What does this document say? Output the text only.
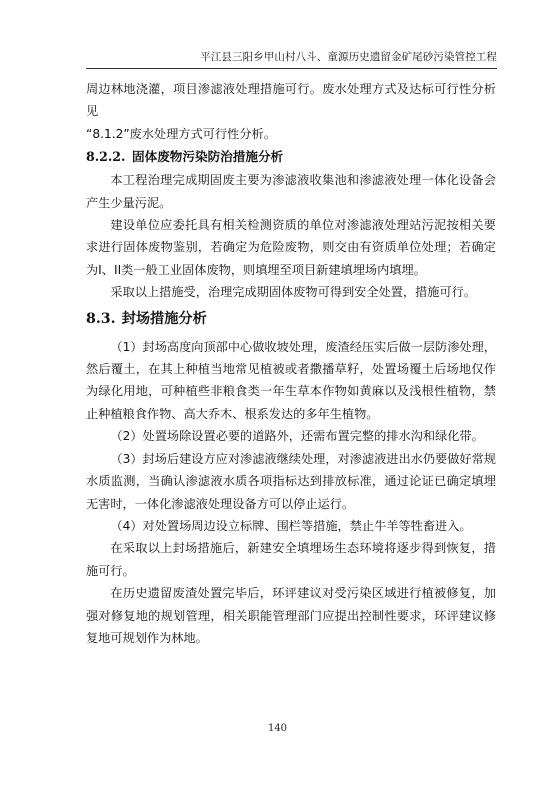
平江县三阳乡甲山村八斗、童源历史遗留金矿尾砂污染管控工程

周边林地浇灌，项目渗滤液处理措施可行。废水处理方式及达标可行性分析见

“8.1.2”废水处理方式可行性分析。

8.2.2. 固体废物污染防治措施分析

本工程治理完成期固废主要为渗滤液收集池和渗滤液处理一体化设备会产生少量污泥。

建设单位应委托具有相关检测资质的单位对渗滤液处理站污泥按相关要求进行固体废物鉴别，若确定为危险废物，则交由有资质单位处理；若确定为I、II类一般工业固体废物，则填埋至项目新建填埋场内填埋。

采取以上措施受，治理完成期固体废物可得到安全处置，措施可行。

8.3. 封场措施分析

（1）封场高度向顶部中心做收坡处理，废渣经压实后做一层防渗处理，然后覆土，在其上种植当地常见植被或者撒播草籽，处置场覆土后场地仅作为绿化用地，可种植些非粮食类一年生草本作物如黄麻以及浅根性植物，禁止种植粮食作物、高大乔木、根系发达的多年生植物。

（2）处置场除设置必要的道路外，还需布置完整的排水沟和绿化带。

（3）封场后建设方应对渗滤液继续处理，对渗滤液进出水仍要做好常规水质监测，当确认渗滤液水质各项指标达到排放标准，通过论证已确定填埋无害时，一体化渗滤液处理设备方可以停止运行。

（4）对处置场周边设立标牌、围栏等措施，禁止牛羊等牲畜进入。

在采取以上封场措施后，新建安全填埋场生态环境将逐步得到恢复，措施可行。

在历史遗留废渣处置完毕后，环评建议对受污染区域进行植被修复，加强对修复地的规划管理，相关职能管理部门应提出控制性要求，环评建议修复地可规划作为林地。

140
